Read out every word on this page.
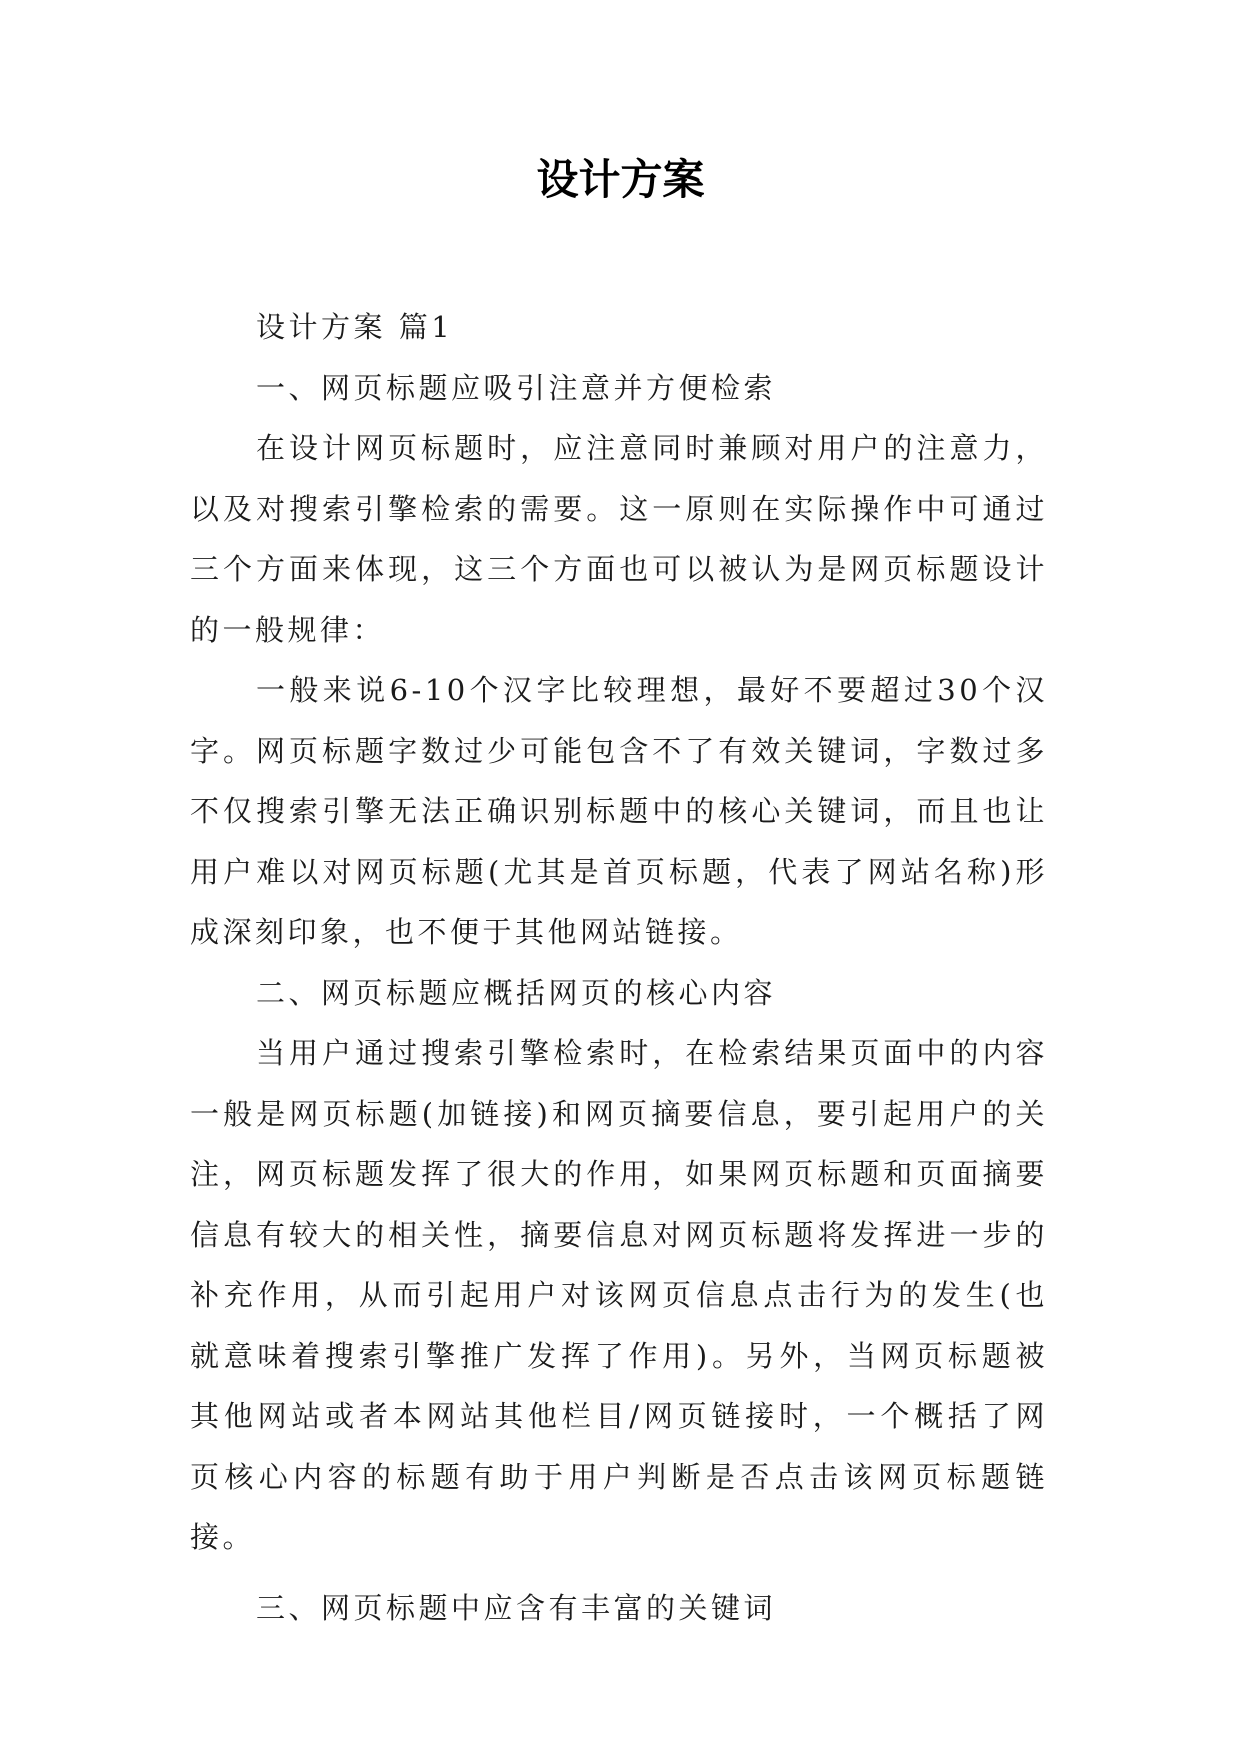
设计方案

设计方案 篇1

一、网页标题应吸引注意并方便检索

在设计网页标题时，应注意同时兼顾对用户的注意力，以及对搜索引擎检索的需要。这一原则在实际操作中可通过三个方面来体现，这三个方面也可以被认为是网页标题设计的一般规律：

一般来说6-10个汉字比较理想，最好不要超过30个汉字。网页标题字数过少可能包含不了有效关键词，字数过多不仅搜索引擎无法正确识别标题中的核心关键词，而且也让用户难以对网页标题(尤其是首页标题，代表了网站名称)形成深刻印象，也不便于其他网站链接。

二、网页标题应概括网页的核心内容

当用户通过搜索引擎检索时，在检索结果页面中的内容一般是网页标题(加链接)和网页摘要信息，要引起用户的关注，网页标题发挥了很大的作用，如果网页标题和页面摘要信息有较大的相关性，摘要信息对网页标题将发挥进一步的补充作用，从而引起用户对该网页信息点击行为的发生(也就意味着搜索引擎推广发挥了作用)。另外，当网页标题被其他网站或者本网站其他栏目/网页链接时，一个概括了网页核心内容的标题有助于用户判断是否点击该网页标题链接。

三、网页标题中应含有丰富的关键词
